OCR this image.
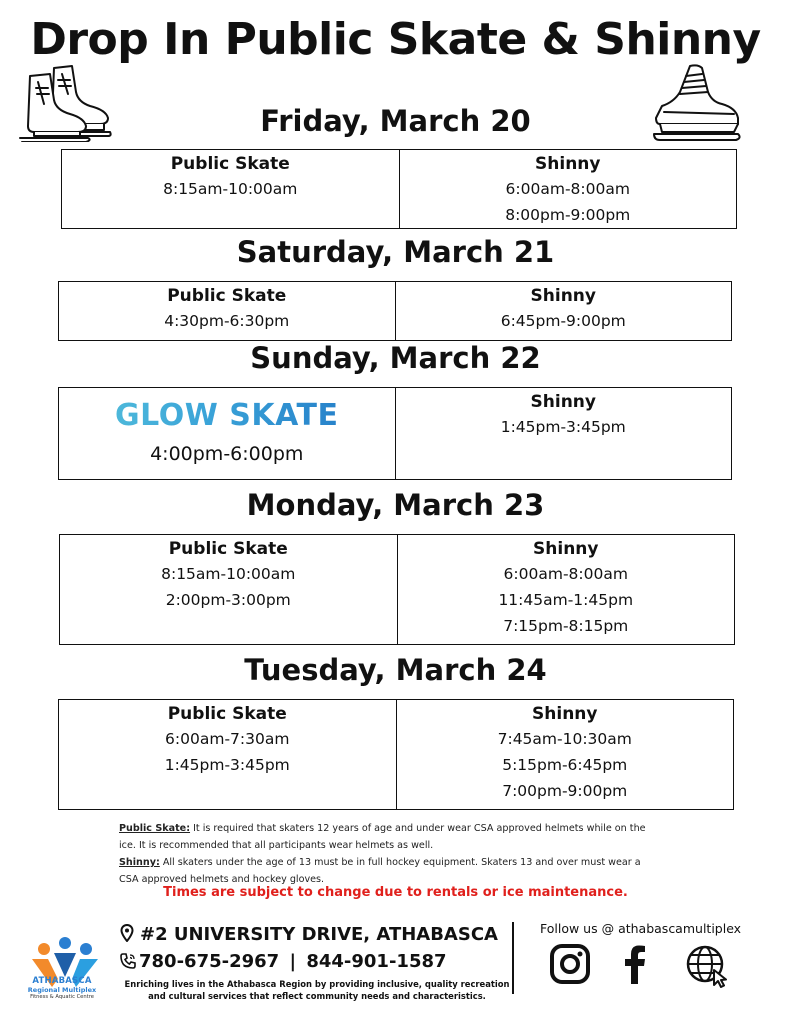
Drop In Public Skate & Shinny
Friday, March 20
Public Skate
8:15am-10:00am
Shinny
6:00am-8:00am
8:00pm-9:00pm
Saturday, March 21
Public Skate
4:30pm-6:30pm
Shinny
6:45pm-9:00pm
Sunday, March 22
GLOW SKATE
4:00pm-6:00pm
Shinny
1:45pm-3:45pm
Monday, March 23
Public Skate
8:15am-10:00am
2:00pm-3:00pm
Shinny
6:00am-8:00am
11:45am-1:45pm
7:15pm-8:15pm
Tuesday, March 24
Public Skate
6:00am-7:30am
1:45pm-3:45pm
Shinny
7:45am-10:30am
5:15pm-6:45pm
7:00pm-9:00pm
Public Skate: It is required that skaters 12 years of age and under wear CSA approved helmets while on the ice. It is recommended that all participants wear helmets as well.
Shinny: All skaters under the age of 13 must be in full hockey equipment. Skaters 13 and over must wear a CSA approved helmets and hockey gloves.
Times are subject to change due to rentals or ice maintenance.
ATHABASCA
Regional Multiplex
Fitness & Aquatic Centre
#2 UNIVERSITY DRIVE, ATHABASCA
780-675-2967 | 844-901-1587
Enriching lives in the Athabasca Region by providing inclusive, quality recreation and cultural services that reflect community needs and characteristics.
Follow us @ athabascamultiplex
